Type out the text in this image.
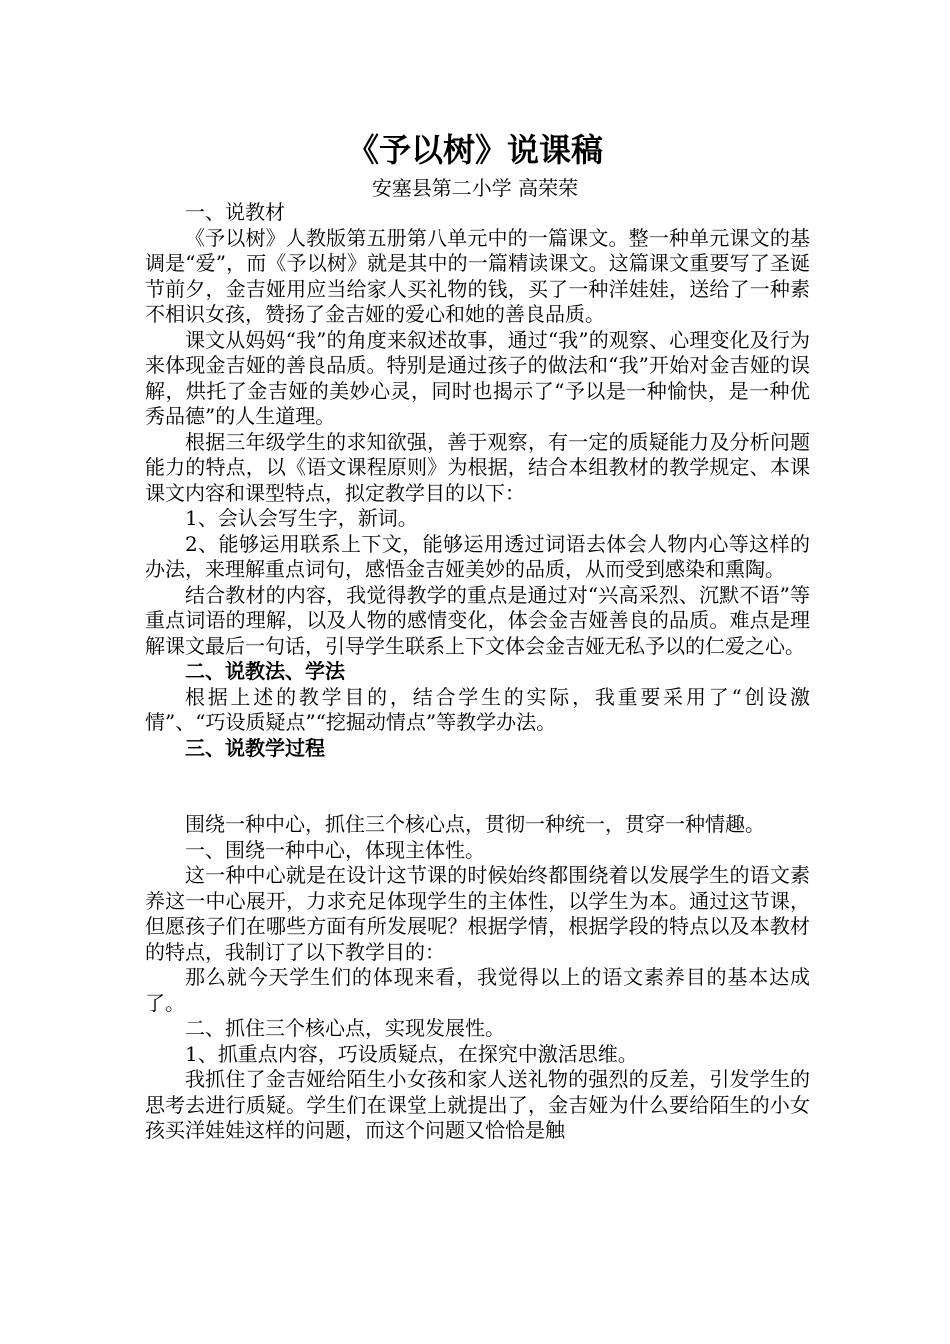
《予以树》说课稿
安塞县第二小学 高荣荣

一、说教材

《予以树》人教版第五册第八单元中的一篇课文。整一种单元课文的基调是“爱”，而《予以树》就是其中的一篇精读课文。这篇课文重要写了圣诞节前夕，金吉娅用应当给家人买礼物的钱，买了一种洋娃娃，送给了一种素不相识女孩，赞扬了金吉娅的爱心和她的善良品质。

课文从妈妈“我”的角度来叙述故事，通过“我”的观察、心理变化及行为来体现金吉娅的善良品质。特别是通过孩子的做法和“我”开始对金吉娅的误解，烘托了金吉娅的美妙心灵，同时也揭示了“予以是一种愉快，是一种优秀品德”的人生道理。

根据三年级学生的求知欲强，善于观察，有一定的质疑能力及分析问题能力的特点，以《语文课程原则》为根据，结合本组教材的教学规定、本课课文内容和课型特点，拟定教学目的以下：

1、会认会写生字，新词。

2、能够运用联系上下文，能够运用透过词语去体会人物内心等这样的办法，来理解重点词句，感悟金吉娅美妙的品质，从而受到感染和熏陶。

结合教材的内容，我觉得教学的重点是通过对“兴高采烈、沉默不语”等重点词语的理解，以及人物的感情变化，体会金吉娅善良的品质。难点是理解课文最后一句话，引导学生联系上下文体会金吉娅无私予以的仁爱之心。

二、说教法、学法

根据上述的教学目的，结合学生的实际，我重要采用了“创设激情”、“巧设质疑点”“挖掘动情点”等教学办法。

三、说教学过程

围绕一种中心，抓住三个核心点，贯彻一种统一，贯穿一种情趣。

一、围绕一种中心，体现主体性。

这一种中心就是在设计这节课的时候始终都围绕着以发展学生的语文素养这一中心展开，力求充足体现学生的主体性，以学生为本。通过这节课，但愿孩子们在哪些方面有所发展呢？根据学情，根据学段的特点以及本教材的特点，我制订了以下教学目的：

那么就今天学生们的体现来看，我觉得以上的语文素养目的基本达成了。

二、抓住三个核心点，实现发展性。

1、抓重点内容，巧设质疑点，在探究中激活思维。

我抓住了金吉娅给陌生小女孩和家人送礼物的强烈的反差，引发学生的思考去进行质疑。学生们在课堂上就提出了，金吉娅为什么要给陌生的小女孩买洋娃娃这样的问题，而这个问题又恰恰是触
